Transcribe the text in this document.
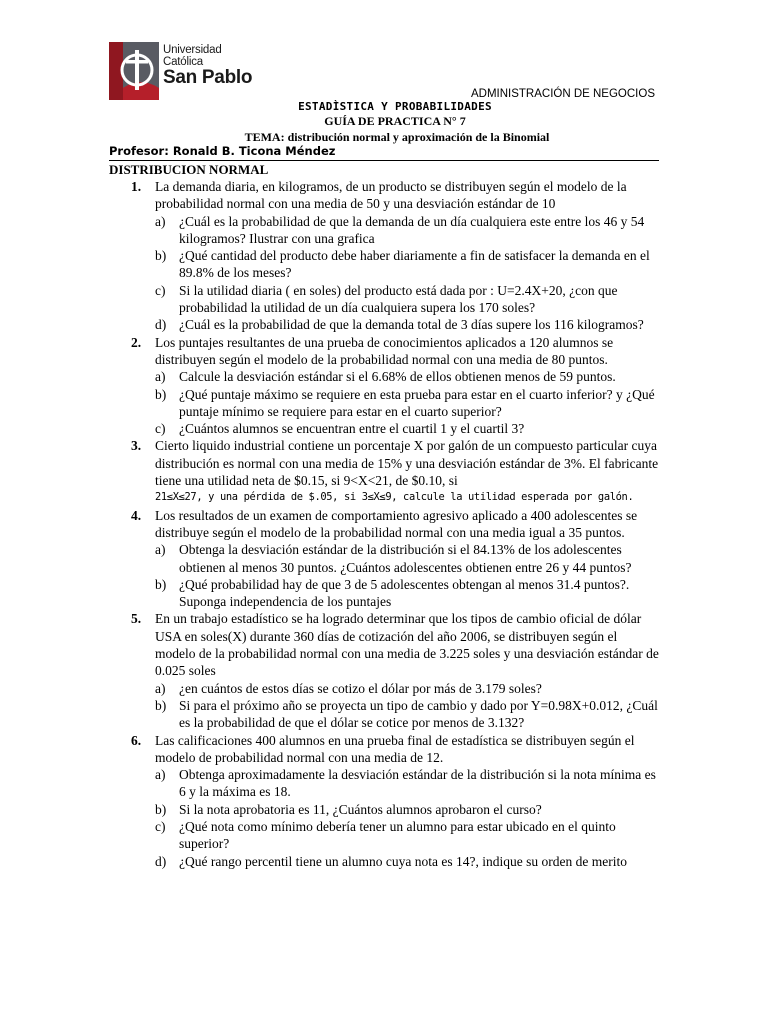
Universidad Católica
San Pablo
ADMINISTRACIÓN DE NEGOCIOS
ESTADÌSTICA Y PROBABILIDADES
GUÍA DE PRACTICA N° 7
TEMA: distribución normal y aproximación de la Binomial
Profesor: Ronald B. Ticona Méndez
DISTRIBUCION NORMAL
1. La demanda diaria, en kilogramos, de un producto se distribuyen según el modelo de la probabilidad normal con una media de 50 y una desviación estándar de 10
a) ¿Cuál es la probabilidad de que la demanda de un día cualquiera este entre los 46 y 54 kilogramos? Ilustrar con una grafica
b) ¿Qué cantidad del producto debe haber diariamente a fin de satisfacer la demanda en el 89.8% de los meses?
c) Si la utilidad diaria ( en soles) del producto está dada por : U=2.4X+20, ¿con que probabilidad la utilidad de un día cualquiera supera los 170 soles?
d) ¿Cuál es la probabilidad de que la demanda total de 3 días supere los 116 kilogramos?
2. Los puntajes resultantes de una prueba de conocimientos aplicados a 120 alumnos se distribuyen según el modelo de la probabilidad normal con una media de 80 puntos.
a) Calcule la desviación estándar si el 6.68% de ellos obtienen menos de 59 puntos.
b) ¿Qué puntaje máximo se requiere en esta prueba para estar en el cuarto inferior? y ¿Qué puntaje mínimo se requiere para estar en el cuarto superior?
c) ¿Cuántos alumnos se encuentran entre el cuartil 1 y el cuartil 3?
3. Cierto liquido industrial contiene un porcentaje X por galón de un compuesto particular cuya distribución es normal con una media de 15% y una desviación estándar de 3%. El fabricante tiene una utilidad neta de $0.15, si 9<X<21, de $0.10, si
21≤X≤27, y una pérdida de $.05, si 3≤X≤9, calcule la utilidad esperada por galón.
4. Los resultados de un examen de comportamiento agresivo aplicado a 400 adolescentes se distribuye según el modelo de la probabilidad normal con una media igual a 35 puntos.
a) Obtenga la desviación estándar de la distribución si el 84.13% de los adolescentes obtienen al menos 30 puntos. ¿Cuántos adolescentes obtienen entre 26 y 44 puntos?
b) ¿Qué probabilidad hay de que 3 de 5 adolescentes obtengan al menos 31.4 puntos?. Suponga independencia de los puntajes
5. En un trabajo estadístico se ha logrado determinar que los tipos de cambio oficial de dólar USA en soles(X) durante 360 días de cotización del año 2006, se distribuyen según el modelo de la probabilidad normal con una media de 3.225 soles y una desviación estándar de 0.025 soles
a) ¿en cuántos de estos días se cotizo el dólar por más de 3.179 soles?
b) Si para el próximo año se proyecta un tipo de cambio y dado por Y=0.98X+0.012, ¿Cuál es la probabilidad de que el dólar se cotice por menos de 3.132?
6. Las calificaciones 400 alumnos en una prueba final de estadística se distribuyen según el modelo de probabilidad normal con una media de 12.
a) Obtenga aproximadamente la desviación estándar de la distribución si la nota mínima es 6 y la máxima es 18.
b) Si la nota aprobatoria es 11, ¿Cuántos alumnos aprobaron el curso?
c) ¿Qué nota como mínimo debería tener un alumno para estar ubicado en el quinto superior?
d) ¿Qué rango percentil tiene un alumno cuya nota es 14?, indique su orden de merito
